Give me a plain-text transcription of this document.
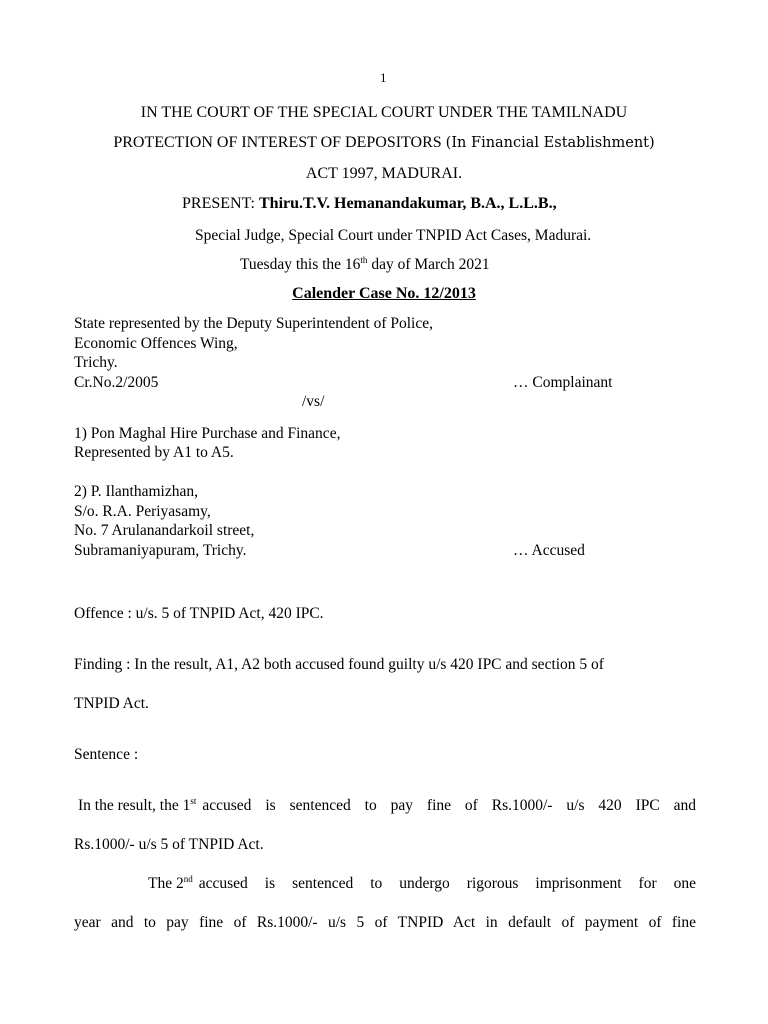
1
IN THE COURT OF THE SPECIAL COURT UNDER THE TAMILNADU
PROTECTION OF INTEREST OF DEPOSITORS (In Financial Establishment)
ACT 1997, MADURAI.
PRESENT: Thiru.T.V. Hemanandakumar, B.A., L.L.B.,
Special Judge, Special Court under TNPID Act Cases, Madurai.
Tuesday this the 16th day of March 2021
Calender Case No. 12/2013
State represented by the Deputy Superintendent of Police,
Economic Offences Wing,
Trichy.
Cr.No.2/2005	… Complainant
/vs/
1) Pon Maghal Hire Purchase and Finance,
Represented by A1 to A5.
2) P. Ilanthamizhan,
S/o. R.A. Periyasamy,
No. 7 Arulanandarkoil street,
Subramaniyapuram, Trichy.	… Accused
Offence : u/s. 5 of TNPID Act, 420 IPC.
Finding : In the result, A1, A2 both accused found guilty u/s 420 IPC and section 5 of
TNPID Act.
Sentence :
In the result, the 1st accused is sentenced to pay fine of Rs.1000/- u/s 420 IPC and
Rs.1000/- u/s 5 of TNPID Act.
The 2nd accused is sentenced to undergo rigorous imprisonment for one
year and to pay fine of Rs.1000/- u/s 5 of TNPID Act in default of payment of fine
